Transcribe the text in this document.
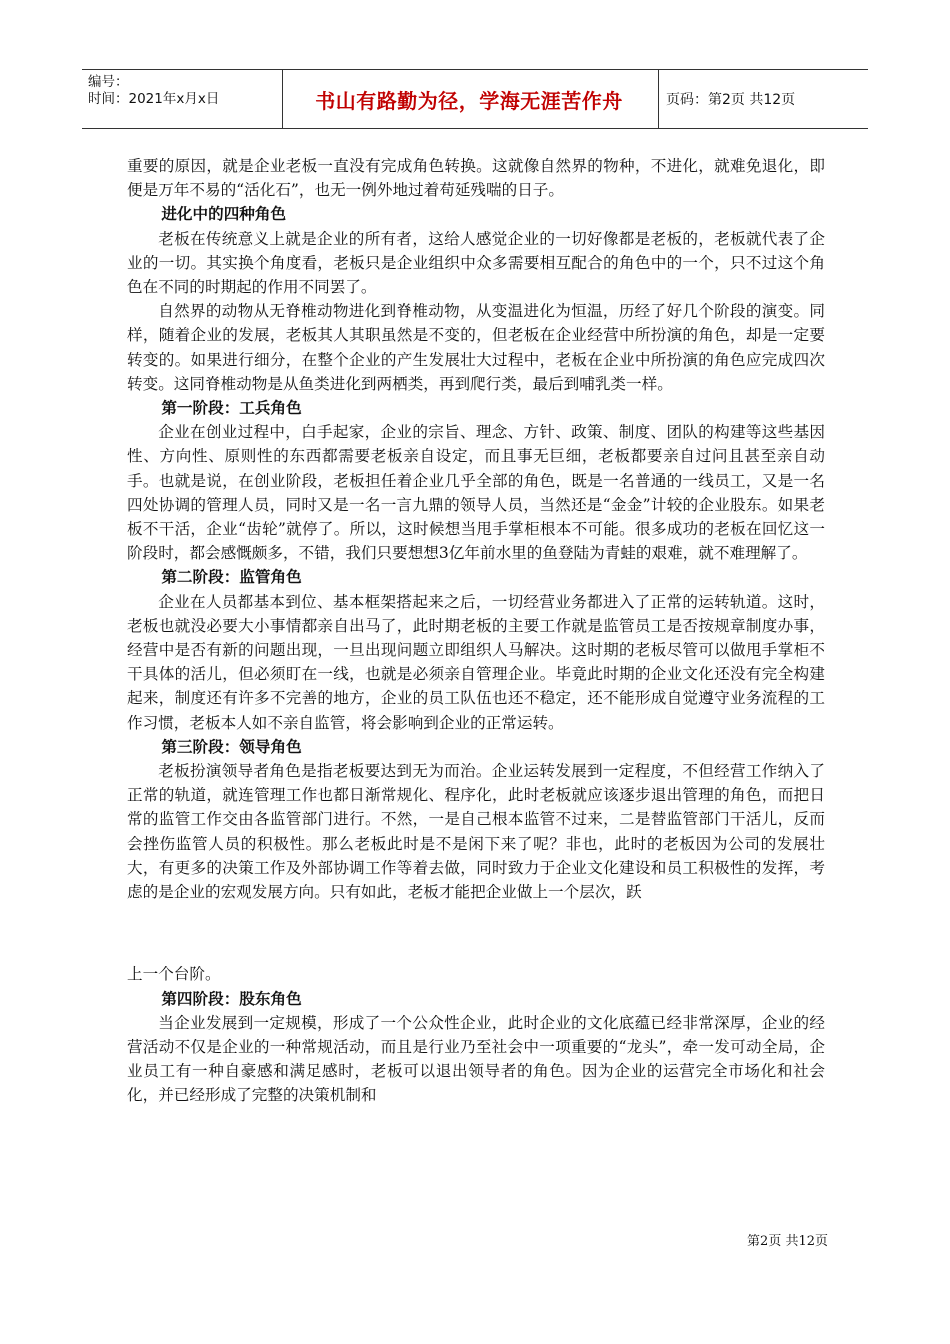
编号：
时间：2021年x月x日	书山有路勤为径，学海无涯苦作舟	页码：第2页 共12页

重要的原因，就是企业老板一直没有完成角色转换。这就像自然界的物种，不进化，就难免退化，即便是万年不易的“活化石”，也无一例外地过着苟延残喘的日子。

进化中的四种角色

老板在传统意义上就是企业的所有者，这给人感觉企业的一切好像都是老板的，老板就代表了企业的一切。其实换个角度看，老板只是企业组织中众多需要相互配合的角色中的一个，只不过这个角色在不同的时期起的作用不同罢了。

自然界的动物从无脊椎动物进化到脊椎动物，从变温进化为恒温，历经了好几个阶段的演变。同样，随着企业的发展，老板其人其职虽然是不变的，但老板在企业经营中所扮演的角色，却是一定要转变的。如果进行细分，在整个企业的产生发展壮大过程中，老板在企业中所扮演的角色应完成四次转变。这同脊椎动物是从鱼类进化到两栖类，再到爬行类，最后到哺乳类一样。

第一阶段：工兵角色

企业在创业过程中，白手起家，企业的宗旨、理念、方针、政策、制度、团队的构建等这些基因性、方向性、原则性的东西都需要老板亲自设定，而且事无巨细，老板都要亲自过问且甚至亲自动手。也就是说，在创业阶段，老板担任着企业几乎全部的角色，既是一名普通的一线员工，又是一名四处协调的管理人员，同时又是一名一言九鼎的领导人员，当然还是“金金”计较的企业股东。如果老板不干活，企业“齿轮”就停了。所以，这时候想当甩手掌柜根本不可能。很多成功的老板在回忆这一阶段时，都会感慨颇多，不错，我们只要想想3亿年前水里的鱼登陆为青蛙的艰难，就不难理解了。

第二阶段：监管角色

企业在人员都基本到位、基本框架搭起来之后，一切经营业务都进入了正常的运转轨道。这时，老板也就没必要大小事情都亲自出马了，此时期老板的主要工作就是监管员工是否按规章制度办事，经营中是否有新的问题出现，一旦出现问题立即组织人马解决。这时期的老板尽管可以做甩手掌柜不干具体的活儿，但必须盯在一线，也就是必须亲自管理企业。毕竟此时期的企业文化还没有完全构建起来，制度还有许多不完善的地方，企业的员工队伍也还不稳定，还不能形成自觉遵守业务流程的工作习惯，老板本人如不亲自监管，将会影响到企业的正常运转。

第三阶段：领导角色

老板扮演领导者角色是指老板要达到无为而治。企业运转发展到一定程度，不但经营工作纳入了正常的轨道，就连管理工作也都日渐常规化、程序化，此时老板就应该逐步退出管理的角色，而把日常的监管工作交由各监管部门进行。不然，一是自己根本监管不过来，二是替监管部门干活儿，反而会挫伤监管人员的积极性。那么老板此时是不是闲下来了呢？非也，此时的老板因为公司的发展壮大，有更多的决策工作及外部协调工作等着去做，同时致力于企业文化建设和员工积极性的发挥，考虑的是企业的宏观发展方向。只有如此，老板才能把企业做上一个层次，跃

上一个台阶。

第四阶段：股东角色

当企业发展到一定规模，形成了一个公众性企业，此时企业的文化底蕴已经非常深厚，企业的经营活动不仅是企业的一种常规活动，而且是行业乃至社会中一项重要的“龙头”，牵一发可动全局，企业员工有一种自豪感和满足感时，老板可以退出领导者的角色。因为企业的运营完全市场化和社会化，并已经形成了完整的决策机制和

第2页 共12页
